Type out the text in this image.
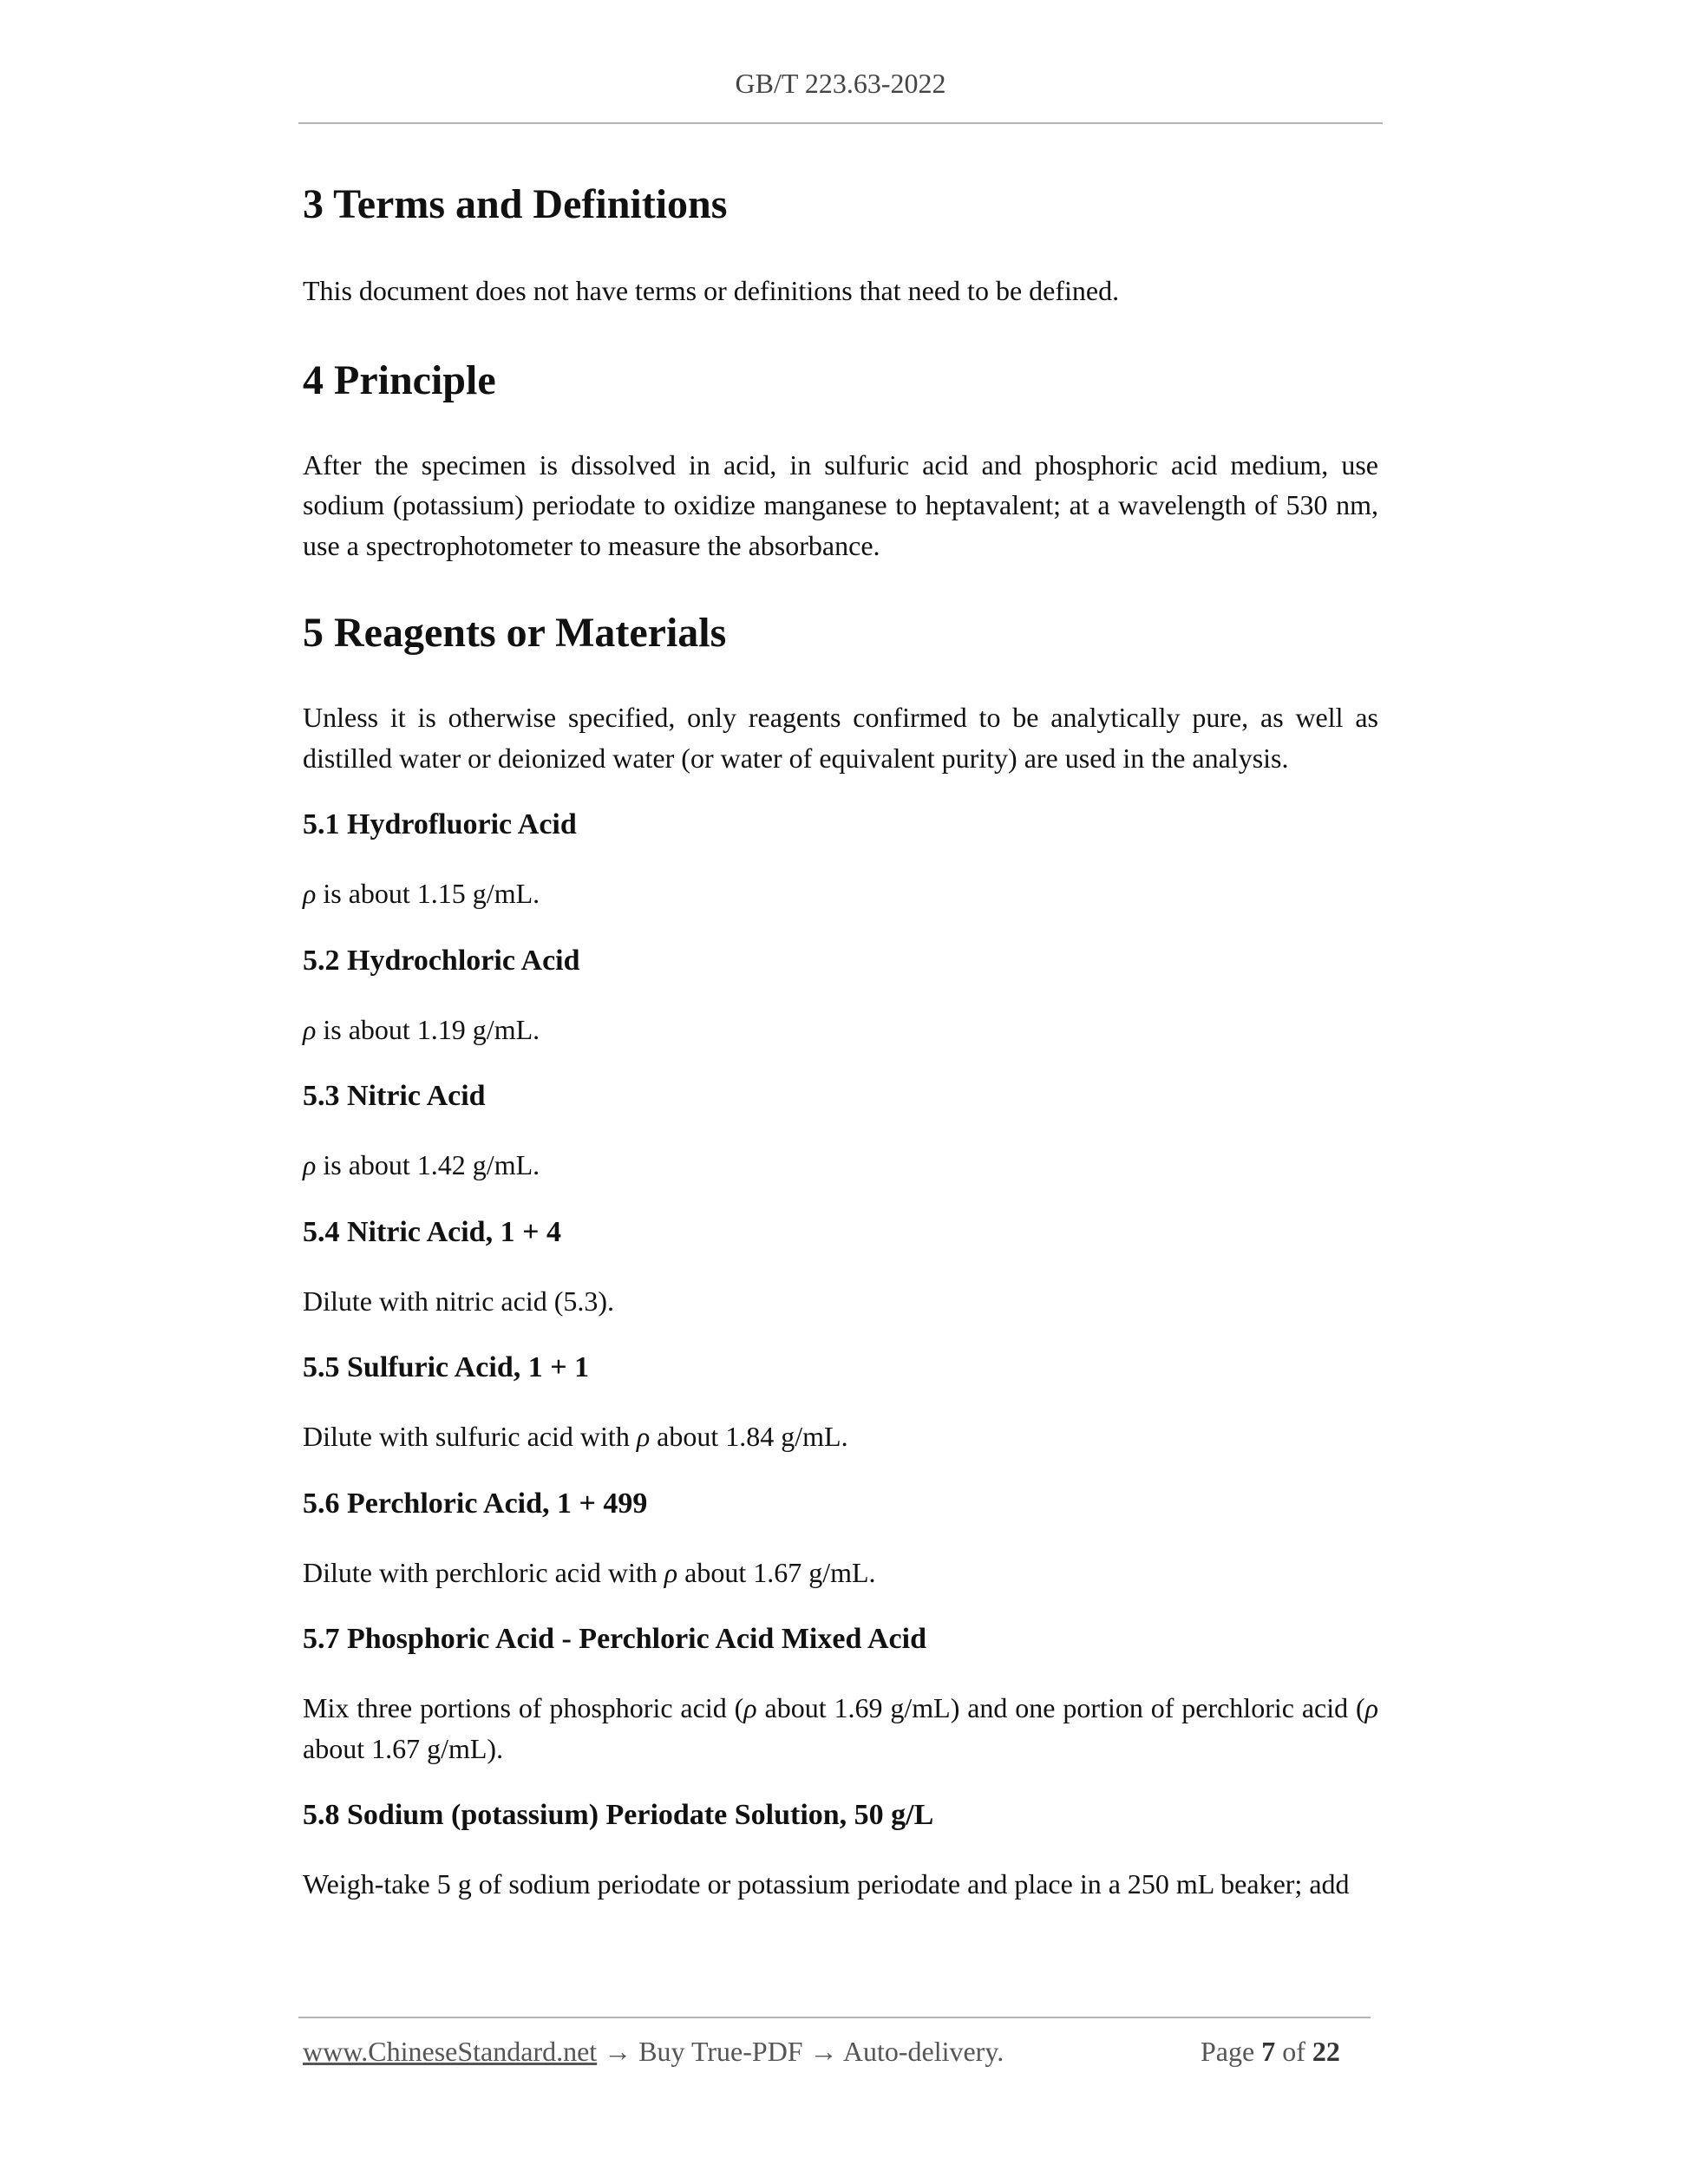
GB/T 223.63-2022
3 Terms and Definitions

This document does not have terms or definitions that need to be defined.

4 Principle

After the specimen is dissolved in acid, in sulfuric acid and phosphoric acid medium, use sodium (potassium) periodate to oxidize manganese to heptavalent; at a wavelength of 530 nm, use a spectrophotometer to measure the absorbance.

5 Reagents or Materials

Unless it is otherwise specified, only reagents confirmed to be analytically pure, as well as distilled water or deionized water (or water of equivalent purity) are used in the analysis.

5.1 Hydrofluoric Acid

ρ is about 1.15 g/mL.

5.2 Hydrochloric Acid

ρ is about 1.19 g/mL.

5.3 Nitric Acid

ρ is about 1.42 g/mL.

5.4 Nitric Acid, 1 + 4

Dilute with nitric acid (5.3).

5.5 Sulfuric Acid, 1 + 1

Dilute with sulfuric acid with ρ about 1.84 g/mL.

5.6 Perchloric Acid, 1 + 499

Dilute with perchloric acid with ρ about 1.67 g/mL.

5.7 Phosphoric Acid - Perchloric Acid Mixed Acid

Mix three portions of phosphoric acid (ρ about 1.69 g/mL) and one portion of perchloric acid (ρ about 1.67 g/mL).

5.8 Sodium (potassium) Periodate Solution, 50 g/L

Weigh-take 5 g of sodium periodate or potassium periodate and place in a 250 mL beaker; add

www.ChineseStandard.net → Buy True-PDF → Auto-delivery.	Page 7 of 22
